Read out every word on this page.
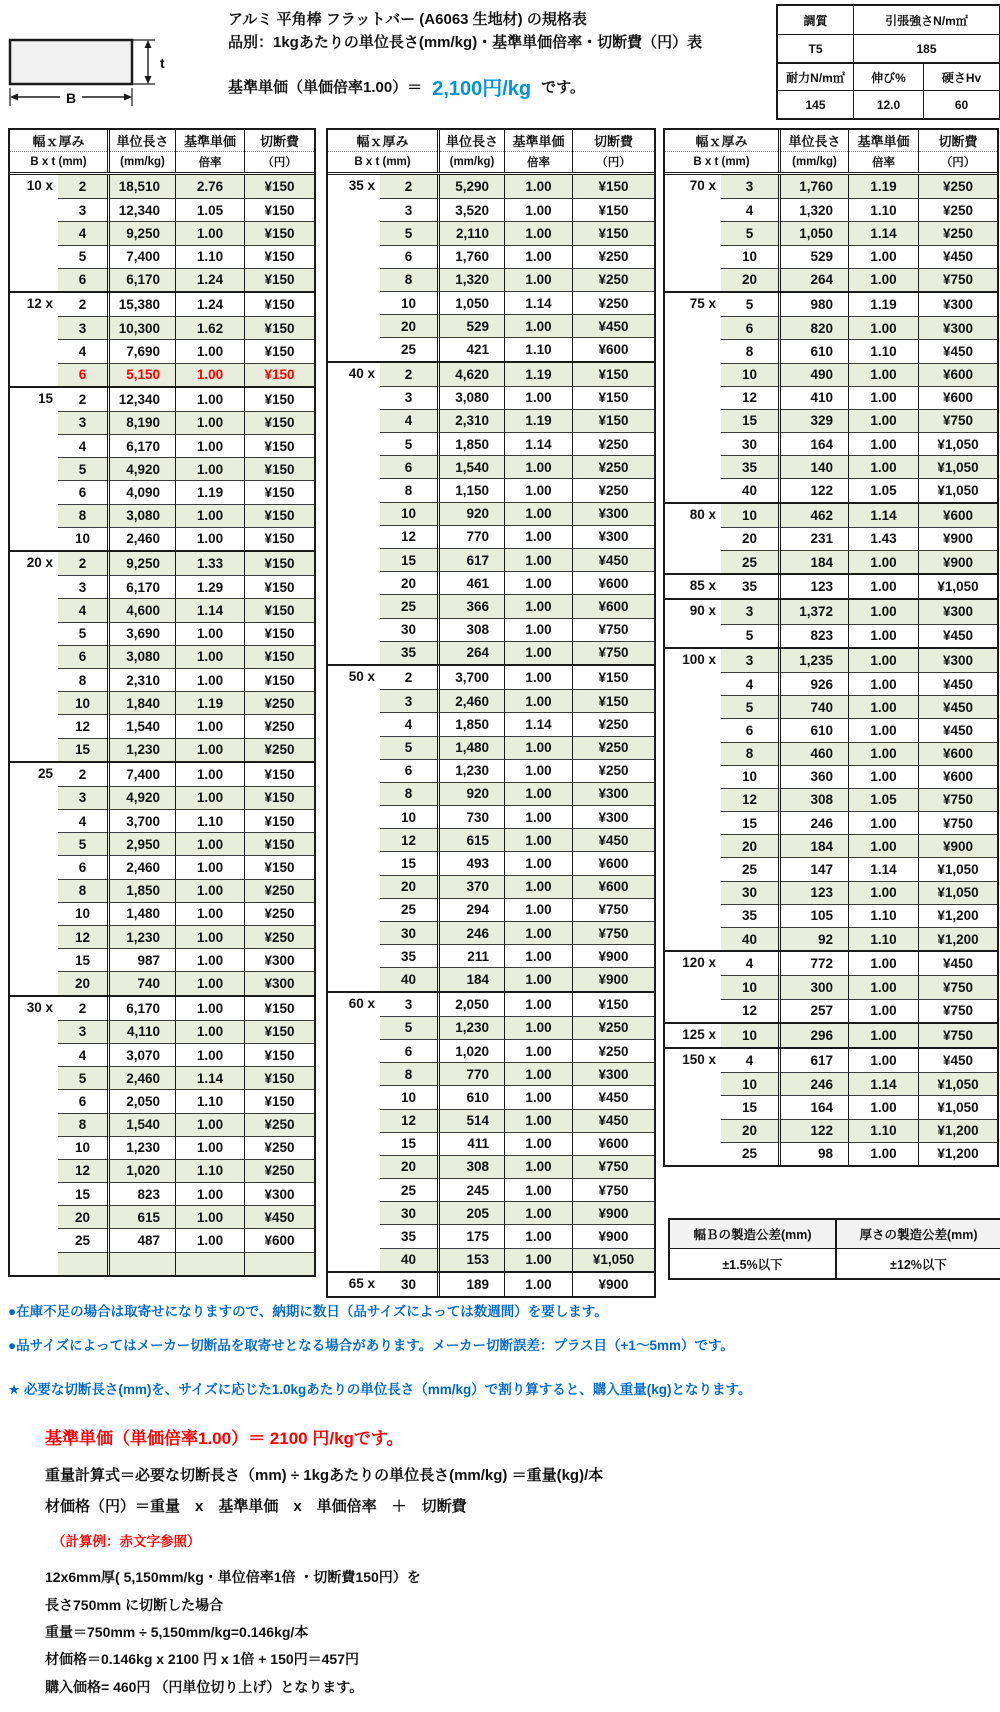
t
B
アルミ 平角棒 フラットバー (A6063 生地材) の規格表
品別：1kgあたりの単位長さ(mm/kg)・基準単価倍率・切断費（円）表
基準単価（単価倍率1.00）＝ 2,100円/kg です。
調質	引張強さN/m㎡
T5	185
耐力N/m㎡	伸び%	硬さHv
145	12.0	60
幅ｘ厚み
B x t (mm)
単位長さ
(mm/kg)
基準単価
倍率
切断費
（円）
10 x	2	18,510	2.76	¥150
3	12,340	1.05	¥150
4	9,250	1.00	¥150
5	7,400	1.10	¥150
6	6,170	1.24	¥150
12 x	2	15,380	1.24	¥150
3	10,300	1.62	¥150
4	7,690	1.00	¥150
6	5,150	1.00	¥150
15	2	12,340	1.00	¥150
3	8,190	1.00	¥150
4	6,170	1.00	¥150
5	4,920	1.00	¥150
6	4,090	1.19	¥150
8	3,080	1.00	¥150
10	2,460	1.00	¥150
20 x	2	9,250	1.33	¥150
3	6,170	1.29	¥150
4	4,600	1.14	¥150
5	3,690	1.00	¥150
6	3,080	1.00	¥150
8	2,310	1.00	¥150
10	1,840	1.19	¥250
12	1,540	1.00	¥250
15	1,230	1.00	¥250
25	2	7,400	1.00	¥150
3	4,920	1.00	¥150
4	3,700	1.10	¥150
5	2,950	1.00	¥150
6	2,460	1.00	¥150
8	1,850	1.00	¥250
10	1,480	1.00	¥250
12	1,230	1.00	¥250
15	987	1.00	¥300
20	740	1.00	¥300
30 x	2	6,170	1.00	¥150
3	4,110	1.00	¥150
4	3,070	1.00	¥150
5	2,460	1.14	¥150
6	2,050	1.10	¥150
8	1,540	1.00	¥250
10	1,230	1.00	¥250
12	1,020	1.10	¥250
15	823	1.00	¥300
20	615	1.00	¥450
25	487	1.00	¥600
幅ｘ厚み
B x t (mm)
単位長さ
(mm/kg)
基準単価
倍率
切断費
（円）
35 x	2	5,290	1.00	¥150
3	3,520	1.00	¥150
5	2,110	1.00	¥150
6	1,760	1.00	¥250
8	1,320	1.00	¥250
10	1,050	1.14	¥250
20	529	1.00	¥450
25	421	1.10	¥600
40 x	2	4,620	1.19	¥150
3	3,080	1.00	¥150
4	2,310	1.19	¥150
5	1,850	1.14	¥250
6	1,540	1.00	¥250
8	1,150	1.00	¥250
10	920	1.00	¥300
12	770	1.00	¥300
15	617	1.00	¥450
20	461	1.00	¥600
25	366	1.00	¥600
30	308	1.00	¥750
35	264	1.00	¥750
50 x	2	3,700	1.00	¥150
3	2,460	1.00	¥150
4	1,850	1.14	¥250
5	1,480	1.00	¥250
6	1,230	1.00	¥250
8	920	1.00	¥300
10	730	1.00	¥300
12	615	1.00	¥450
15	493	1.00	¥600
20	370	1.00	¥600
25	294	1.00	¥750
30	246	1.00	¥750
35	211	1.00	¥900
40	184	1.00	¥900
60 x	3	2,050	1.00	¥150
5	1,230	1.00	¥250
6	1,020	1.00	¥250
8	770	1.00	¥300
10	610	1.00	¥450
12	514	1.00	¥450
15	411	1.00	¥600
20	308	1.00	¥750
25	245	1.00	¥750
30	205	1.00	¥900
35	175	1.00	¥900
40	153	1.00	¥1,050
65 x	30	189	1.00	¥900
幅ｘ厚み
B x t (mm)
単位長さ
(mm/kg)
基準単価
倍率
切断費
（円）
70 x	3	1,760	1.19	¥250
4	1,320	1.10	¥250
5	1,050	1.14	¥250
10	529	1.00	¥450
20	264	1.00	¥750
75 x	5	980	1.19	¥300
6	820	1.00	¥300
8	610	1.10	¥450
10	490	1.00	¥600
12	410	1.00	¥600
15	329	1.00	¥750
30	164	1.00	¥1,050
35	140	1.00	¥1,050
40	122	1.05	¥1,050
80 x	10	462	1.14	¥600
20	231	1.43	¥900
25	184	1.00	¥900
85 x	35	123	1.00	¥1,050
90 x	3	1,372	1.00	¥300
5	823	1.00	¥450
100 x	3	1,235	1.00	¥300
4	926	1.00	¥450
5	740	1.00	¥450
6	610	1.00	¥450
8	460	1.00	¥600
10	360	1.00	¥600
12	308	1.05	¥750
15	246	1.00	¥750
20	184	1.00	¥900
25	147	1.14	¥1,050
30	123	1.00	¥1,050
35	105	1.10	¥1,200
40	92	1.10	¥1,200
120 x	4	772	1.00	¥450
10	300	1.00	¥750
12	257	1.00	¥750
125 x	10	296	1.00	¥750
150 x	4	617	1.00	¥450
10	246	1.14	¥1,050
15	164	1.00	¥1,050
20	122	1.10	¥1,200
25	98	1.00	¥1,200
幅Ｂの製造公差(mm)	厚さの製造公差(mm)
±1.5%以下	±12%以下
●在庫不足の場合は取寄せになりますので、納期に数日（品サイズによっては数週間）を要します。
●品サイズによってはメーカー切断品を取寄せとなる場合があります。メーカー切断誤差：プラス目（+1～5mm）です。
★ 必要な切断長さ(mm)を、サイズに応じた1.0kgあたりの単位長さ（mm/kg）で割り算すると、購入重量(kg)となります。
基準単価（単価倍率1.00）＝ 2100 円/kgです。
重量計算式＝必要な切断長さ（mm) ÷ 1kgあたりの単位長さ(mm/kg) ＝重量(kg)/本
材価格（円）＝重量　x　基準単価　x　単価倍率　＋　切断費
（計算例：赤文字参照）
12x6mm厚( 5,150mm/kg・単位倍率1倍 ・切断費150円）を
長さ750mm に切断した場合
重量＝750mm ÷ 5,150mm/kg=0.146kg/本
材価格＝0.146kg x 2100 円 x 1倍 + 150円＝457円
購入価格= 460円 （円単位切り上げ）となります。
